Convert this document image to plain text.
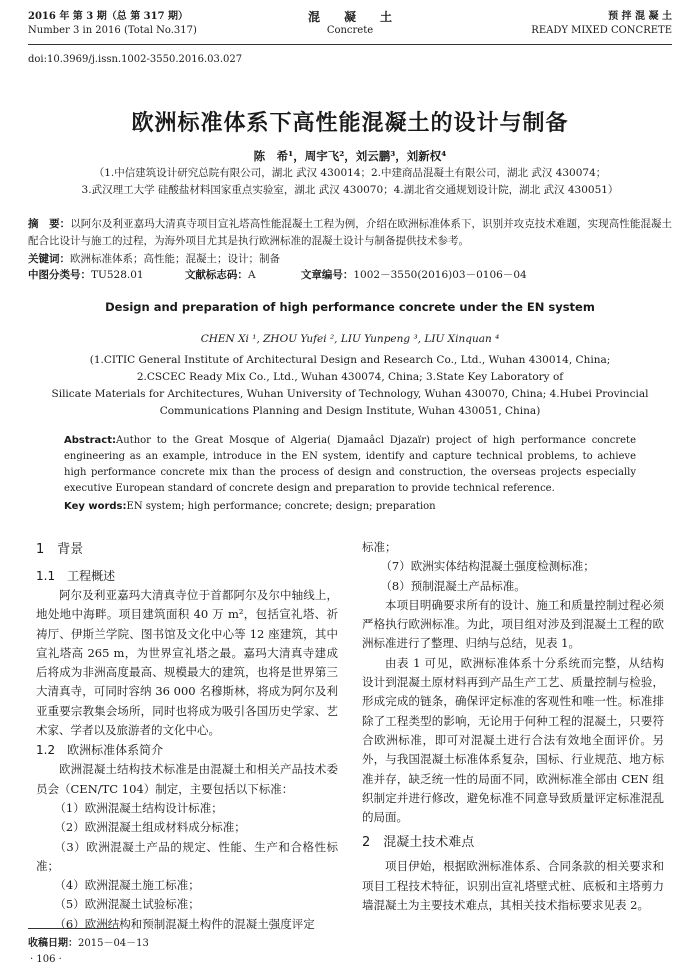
2016 年 第 3 期（总 第 317 期）
Number 3 in 2016 (Total No.317)
混　　凝　　土
Concrete
预 拌 混 凝 土
READY MIXED CONCRETE
doi:10.3969/j.issn.1002-3550.2016.03.027
欧洲标准体系下高性能混凝土的设计与制备
陈　希¹，周宇飞²，刘云鹏³，刘新权⁴
（1.中信建筑设计研究总院有限公司，湖北 武汉 430014；2.中建商品混凝土有限公司，湖北 武汉 430074；
3.武汉理工大学 硅酸盐材料国家重点实验室，湖北 武汉 430070；4.湖北省交通规划设计院，湖北 武汉 430051）
摘　要：以阿尔及利亚嘉玛大清真寺项目宣礼塔高性能混凝土工程为例，介绍在欧洲标准体系下，识别并攻克技术难题，实现高性能混凝土配合比设计与施工的过程，为海外项目尤其是执行欧洲标准的混凝土设计与制备提供技术参考。
关键词：欧洲标准体系；高性能；混凝土；设计；制备
中图分类号：TU528.01	文献标志码：A	文章编号：1002－3550(2016)03－0106－04
Design and preparation of high performance concrete under the EN system
CHEN Xi ¹, ZHOU Yufei ², LIU Yunpeng ³, LIU Xinquan ⁴
(1.CITIC General Institute of Architectural Design and Research Co., Ltd., Wuhan 430014, China;
2.CSCEC Ready Mix Co., Ltd., Wuhan 430074, China; 3.State Key Laboratory of
Silicate Materials for Architectures, Wuhan University of Technology, Wuhan 430070, China; 4.Hubei Provincial
Communications Planning and Design Institute, Wuhan 430051, China)
Abstract:Author to the Great Mosque of Algeria( Djamaâcl Djazaïr) project of high performance concrete engineering as an example, introduce in the EN system, identify and capture technical problems, to achieve high performance concrete mix than the process of design and construction, the overseas projects especially executive European standard of concrete design and preparation to provide technical reference.
Key words:EN system; high performance; concrete; design; preparation
1　背景
1.1　工程概述

阿尔及利亚嘉玛大清真寺位于首都阿尔及尔中轴线上，地处地中海畔。项目建筑面积 40 万 m²，包括宣礼塔、祈祷厅、伊斯兰学院、图书馆及文化中心等 12 座建筑，其中宣礼塔高 265 m，为世界宣礼塔之最。嘉玛大清真寺建成后将成为非洲高度最高、规模最大的建筑，也将是世界第三大清真寺，可同时容纳 36 000 名穆斯林，将成为阿尔及利亚重要宗教集会场所，同时也将成为吸引各国历史学家、艺术家、学者以及旅游者的文化中心。

1.2　欧洲标准体系简介

欧洲混凝土结构技术标准是由混凝土和相关产品技术委员会（CEN/TC 104）制定，主要包括以下标准：

（1）欧洲混凝土结构设计标准；

（2）欧洲混凝土组成材料成分标准；

（3）欧洲混凝土产品的规定、性能、生产和合格性标准；

（4）欧洲混凝土施工标准；

（5）欧洲混凝土试验标准；

（6）欧洲结构和预制混凝土构件的混凝土强度评定

标准；

（7）欧洲实体结构混凝土强度检测标准；

（8）预制混凝土产品标准。

本项目明确要求所有的设计、施工和质量控制过程必须严格执行欧洲标准。为此，项目组对涉及到混凝土工程的欧洲标准进行了整理、归纳与总结，见表 1。

由表 1 可见，欧洲标准体系十分系统而完整，从结构设计到混凝土原材料再到产品生产工艺、质量控制与检验，形成完成的链条，确保评定标准的客观性和唯一性。标准排除了工程类型的影响，无论用于何种工程的混凝土，只要符合欧洲标准，即可对混凝土进行合法有效地全面评价。另外，与我国混凝土标准体系复杂，国标、行业规范、地方标准并存，缺乏统一性的局面不同，欧洲标准全部由 CEN 组织制定并进行修改，避免标准不同意导致质量评定标准混乱的局面。

2　混凝土技术难点

项目伊始，根据欧洲标准体系、合同条款的相关要求和项目工程技术特征，识别出宣礼塔壁式桩、底板和主塔剪力墙混凝土为主要技术难点，其相关技术指标要求见表 2。

收稿日期：2015－04－13
· 106 ·
